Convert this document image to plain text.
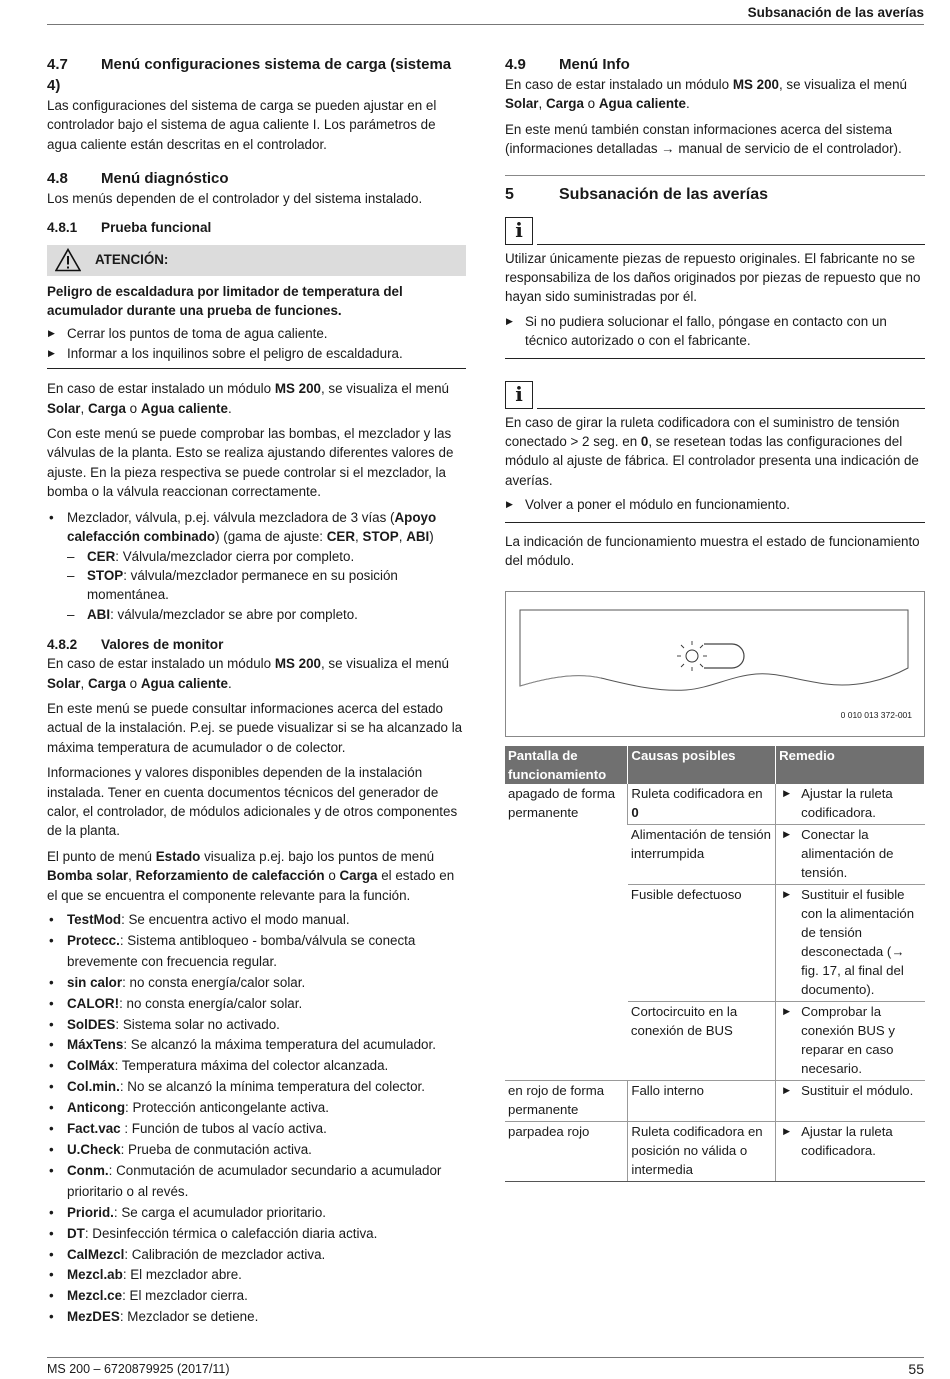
Subsanación de las averías
4.7 Menú configuraciones sistema de carga (sistema 4)

Las configuraciones del sistema de carga se pueden ajustar en el controlador bajo el sistema de agua caliente I. Los parámetros de agua caliente están descritas en el controlador.

4.8 Menú diagnóstico

Los menús dependen de el controlador y del sistema instalado.

4.8.1 Prueba funcional
ATENCIÓN:

Peligro de escaldadura por limitador de temperatura del acumulador durante una prueba de funciones.

▶ Cerrar los puntos de toma de agua caliente.
▶ Informar a los inquilinos sobre el peligro de escaldadura.

En caso de estar instalado un módulo MS 200, se visualiza el menú Solar, Carga o Agua caliente.

Con este menú se puede comprobar las bombas, el mezclador y las válvulas de la planta. Esto se realiza ajustando diferentes valores de ajuste. En la pieza respectiva se puede controlar si el mezclador, la bomba o la válvula reaccionan correctamente.

• Mezclador, válvula, p.ej. válvula mezcladora de 3 vías (Apoyo calefacción combinado) (gama de ajuste: CER, STOP, ABI)
– CER: Válvula/mezclador cierra por completo.
– STOP: válvula/mezclador permanece en su posición momentánea.
– ABI: válvula/mezclador se abre por completo.
4.8.2 Valores de monitor

En caso de estar instalado un módulo MS 200, se visualiza el menú Solar, Carga o Agua caliente.

En este menú se puede consultar informaciones acerca del estado actual de la instalación. P.ej. se puede visualizar si se ha alcanzado la máxima temperatura de acumulador o de colector.

Informaciones y valores disponibles dependen de la instalación instalada. Tener en cuenta documentos técnicos del generador de calor, el controlador, de módulos adicionales y de otros componentes de la planta.

El punto de menú Estado visualiza p.ej. bajo los puntos de menú Bomba solar, Reforzamiento de calefacción o Carga el estado en el que se encuentra el componente relevante para la función.

• TestMod: Se encuentra activo el modo manual.
• Protecc.: Sistema antibloqueo - bomba/válvula se conecta brevemente con frecuencia regular.
• sin calor: no consta energía/calor solar.
• CALOR!: no consta energía/calor solar.
• SolDES: Sistema solar no activado.
• MáxTens: Se alcanzó la máxima temperatura del acumulador.
• ColMáx: Temperatura máxima del colector alcanzada.
• Col.min.: No se alcanzó la mínima temperatura del colector.
• Anticong: Protección anticongelante activa.
• Fact.vac : Función de tubos al vacío activa.
• U.Check: Prueba de conmutación activa.
• Conm.: Conmutación de acumulador secundario a acumulador prioritario o al revés.
• Priorid.: Se carga el acumulador prioritario.
• DT: Desinfección térmica o calefacción diaria activa.
• CalMezcl: Calibración de mezclador activa.
• Mezcl.ab: El mezclador abre.
• Mezcl.ce: El mezclador cierra.
• MezDES: Mezclador se detiene.
4.9 Menú Info

En caso de estar instalado un módulo MS 200, se visualiza el menú Solar, Carga o Agua caliente.

En este menú también constan informaciones acerca del sistema (informaciones detalladas → manual de servicio de el controlador).

5	Subsanación de las averías
i

Utilizar únicamente piezas de repuesto originales. El fabricante no se responsabiliza de los daños originados por piezas de repuesto que no hayan sido suministradas por él.

▶ Si no pudiera solucionar el fallo, póngase en contacto con un técnico autorizado o con el fabricante.
i

En caso de girar la ruleta codificadora con el suministro de tensión conectado > 2 seg. en 0, se resetean todas las configuraciones del módulo al ajuste de fábrica. El controlador presenta una indicación de averías.

▶ Volver a poner el módulo en funcionamiento.

La indicación de funcionamiento muestra el estado de funcionamiento del módulo.

0 010 013 372-001
Pantalla de funcionamiento	Causas posibles	Remedio
apagado de forma permanente	Ruleta codificadora en 0	▶ Ajustar la ruleta codificadora.

	Alimentación de tensión interrumpida	▶ Conectar la alimentación de tensión.

	Fusible defectuoso	▶ Sustituir el fusible con la alimentación de tensión desconectada (→ fig. 17, al final del documento).

	Cortocircuito en la conexión de BUS	▶ Comprobar la conexión BUS y reparar en caso necesario.

en rojo de forma permanente	Fallo interno	▶ Sustituir el módulo.

parpadea rojo	Ruleta codificadora en posición no válida o intermedia	▶ Ajustar la ruleta codificadora.
MS 200 – 6720879925 (2017/11)	55
